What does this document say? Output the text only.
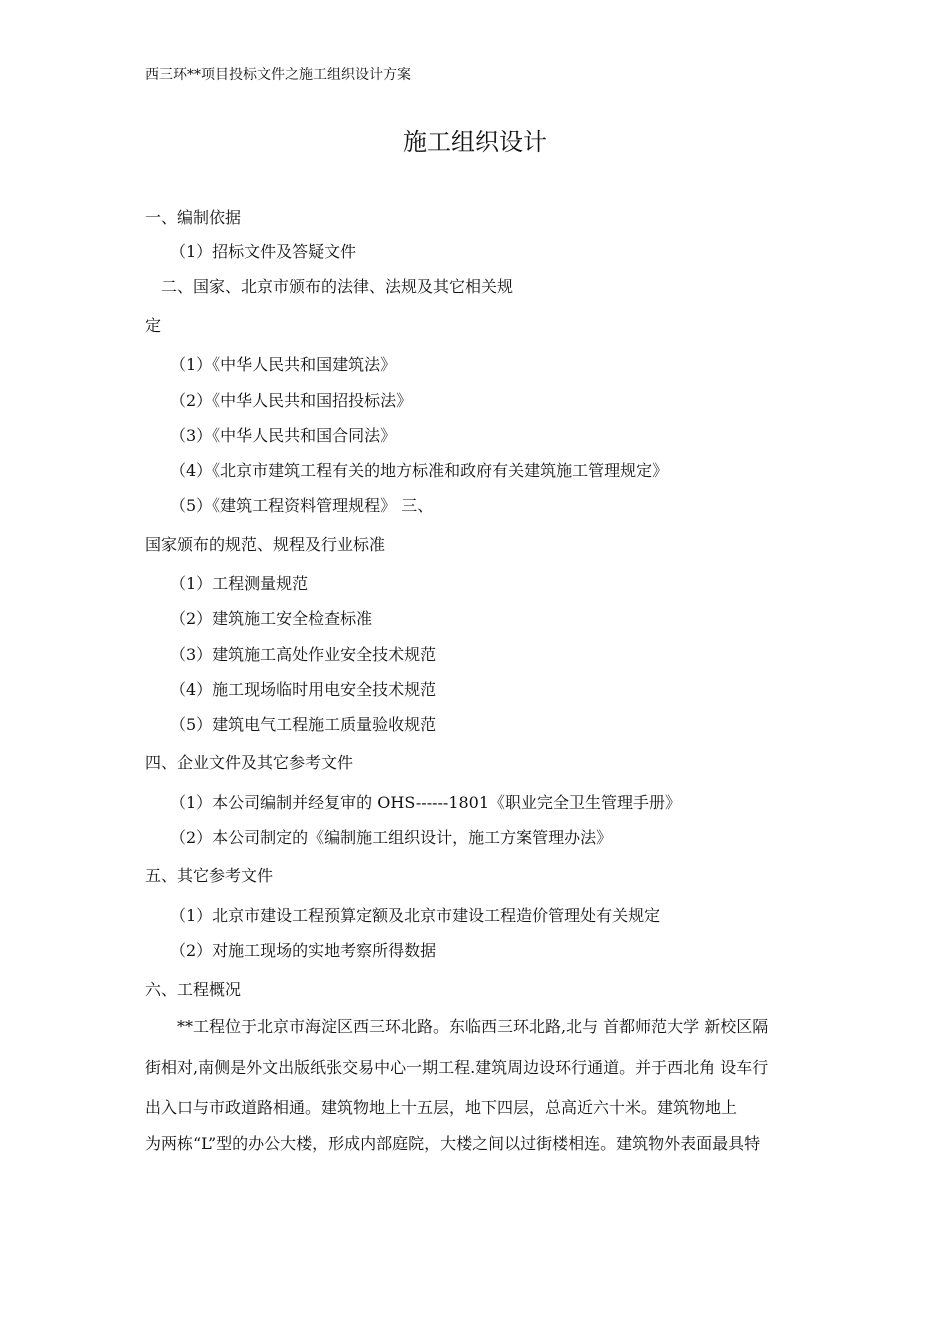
西三环**项目投标文件之施工组织设计方案
施工组织设计
一、编制依据
（1）招标文件及答疑文件
二、国家、北京市颁布的法律、法规及其它相关规
定
（1）《中华人民共和国建筑法》
（2）《中华人民共和国招投标法》
（3）《中华人民共和国合同法》
（4）《北京市建筑工程有关的地方标准和政府有关建筑施工管理规定》
（5）《建筑工程资料管理规程》 三、
国家颁布的规范、规程及行业标准
（1）工程测量规范
（2）建筑施工安全检查标准
（3）建筑施工高处作业安全技术规范
（4）施工现场临时用电安全技术规范
（5）建筑电气工程施工质量验收规范
四、企业文件及其它参考文件
（1）本公司编制并经复审的 OHS------1801《职业完全卫生管理手册》
（2）本公司制定的《编制施工组织设计，施工方案管理办法》
五、其它参考文件
（1）北京市建设工程预算定额及北京市建设工程造价管理处有关规定
（2）对施工现场的实地考察所得数据
六、工程概况
**工程位于北京市海淀区西三环北路。东临西三环北路,北与 首都师范大学 新校区隔
街相对,南侧是外文出版纸张交易中心一期工程.建筑周边设环行通道。并于西北角 设车行
出入口与市政道路相通。建筑物地上十五层，地下四层，总高近六十米。建筑物地上
为两栋“L”型的办公大楼，形成内部庭院，大楼之间以过街楼相连。建筑物外表面最具特
